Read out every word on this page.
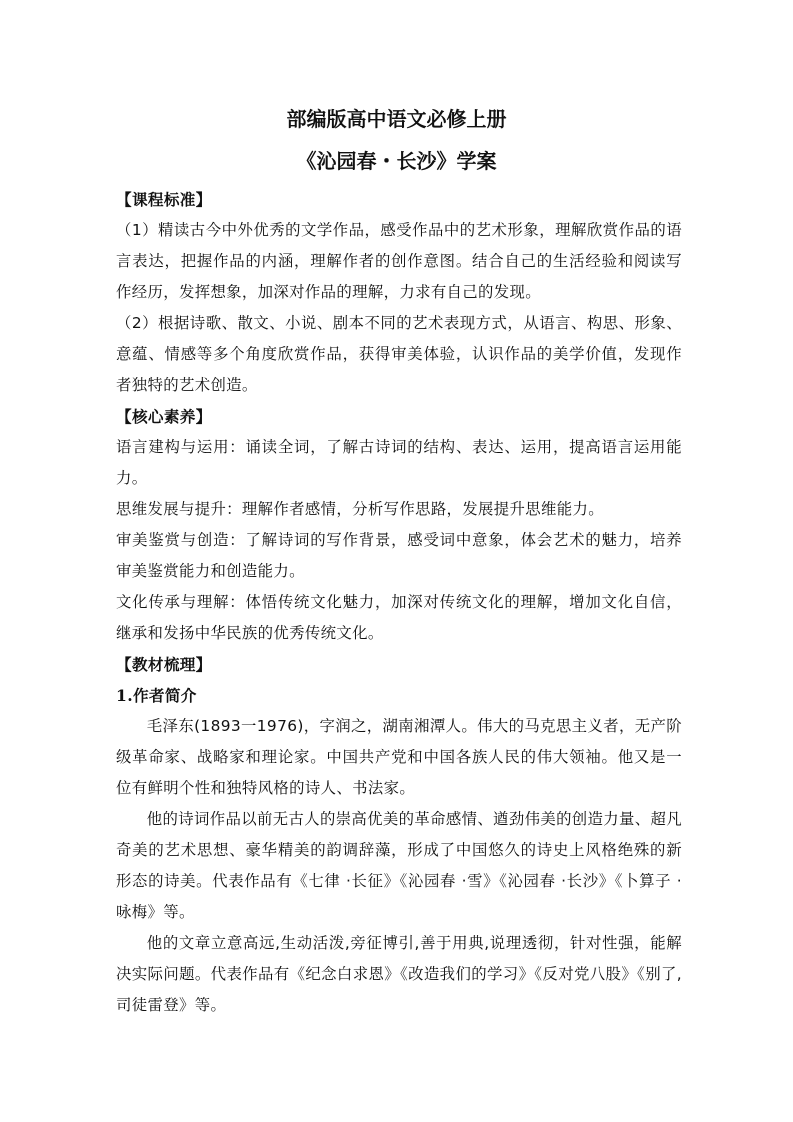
部编版高中语文必修上册
《沁园春・长沙》学案

【课程标准】

（1）精读古今中外优秀的文学作品，感受作品中的艺术形象，理解欣赏作品的语言表达，把握作品的内涵，理解作者的创作意图。结合自己的生活经验和阅读写作经历，发挥想象，加深对作品的理解，力求有自己的发现。

（2）根据诗歌、散文、小说、剧本不同的艺术表现方式，从语言、构思、形象、意蕴、情感等多个角度欣赏作品，获得审美体验，认识作品的美学价值，发现作者独特的艺术创造。

【核心素养】

语言建构与运用：诵读全词，了解古诗词的结构、表达、运用，提高语言运用能力。

思维发展与提升：理解作者感情，分析写作思路，发展提升思维能力。

审美鉴赏与创造：了解诗词的写作背景，感受词中意象，体会艺术的魅力，培养审美鉴赏能力和创造能力。

文化传承与理解：体悟传统文化魅力，加深对传统文化的理解，增加文化自信，继承和发扬中华民族的优秀传统文化。

【教材梳理】

1.作者简介

毛泽东(1893一1976)，字润之，湖南湘潭人。伟大的马克思主义者，无产阶级革命家、战略家和理论家。中国共产党和中国各族人民的伟大领袖。他又是一位有鲜明个性和独特风格的诗人、书法家。

他的诗词作品以前无古人的崇高优美的革命感情、遒劲伟美的创造力量、超凡奇美的艺术思想、豪华精美的韵调辞藻，形成了中国悠久的诗史上风格绝殊的新形态的诗美。代表作品有《七律 ·长征》《沁园春 ·雪》《沁园春 ·长沙》《卜算子 ·咏梅》等。

他的文章立意高远,生动活泼,旁征博引,善于用典,说理透彻，针对性强，能解决实际问题。代表作品有《纪念白求恩》《改造我们的学习》《反对党八股》《别了,司徒雷登》等。
